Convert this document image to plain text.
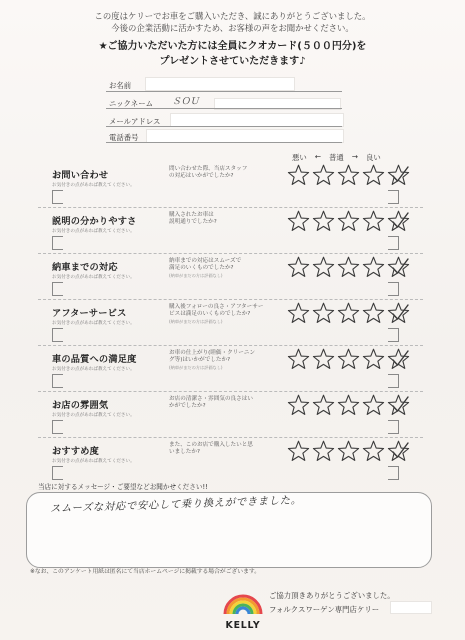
この度はケリーでお車をご購入いただき、誠にありがとうございました。
今後の企業活動に活かすため、お客様の声をお聞かせください。
★ご協力いただいた方には全員にクオカード(５００円分)を
プレゼントさせていただきます♪
お名前
ニックネーム ＳＯＵ
メールアドレス
電話番号
悪い ← 普通 → 良い
お問い合わせ
お気付きの点があれば教えてください。
問い合わせた際、当店スタッフ
の対応はいかがでしたか?
説明の分かりやすさ
お気付きの点があれば教えてください。
購入されたお車は
説明通りでしたか?
納車までの対応
お気付きの点があれば教えてください。
納車までの対応はスムーズで
満足のいくものでしたか?
(納車がまだの方は評価なし)
アフターサービス
お気付きの点があれば教えてください。
購入後フォローの良さ・アフターサー
ビスは満足のいくものでしたか?
(納車がまだの方は評価なし)
車の品質への満足度
お気付きの点があれば教えてください。
お車の仕上がり(睦価・クリーニン
グ等)はいかがでしたか?
(納車がまだの方は評価なし)
お店の雰囲気
お気付きの点があれば教えてください。
お店の清潔さ・雰囲気の良さはい
かがでしたか?
おすすめ度
お気付きの点があれば教えてください。
また、このお店で購入したいと思
いましたか?
当店に対するメッセージ・ご要望などお聞かせください!!
スムーズな対応で安心して乗り換えができました。
※なお、このアンケート用紙は匿名にて当店ホームページに掲載する場合がございます。
KELLY
ご協力頂きありがとうございました。
フォルクスワーゲン専門店ケリー
